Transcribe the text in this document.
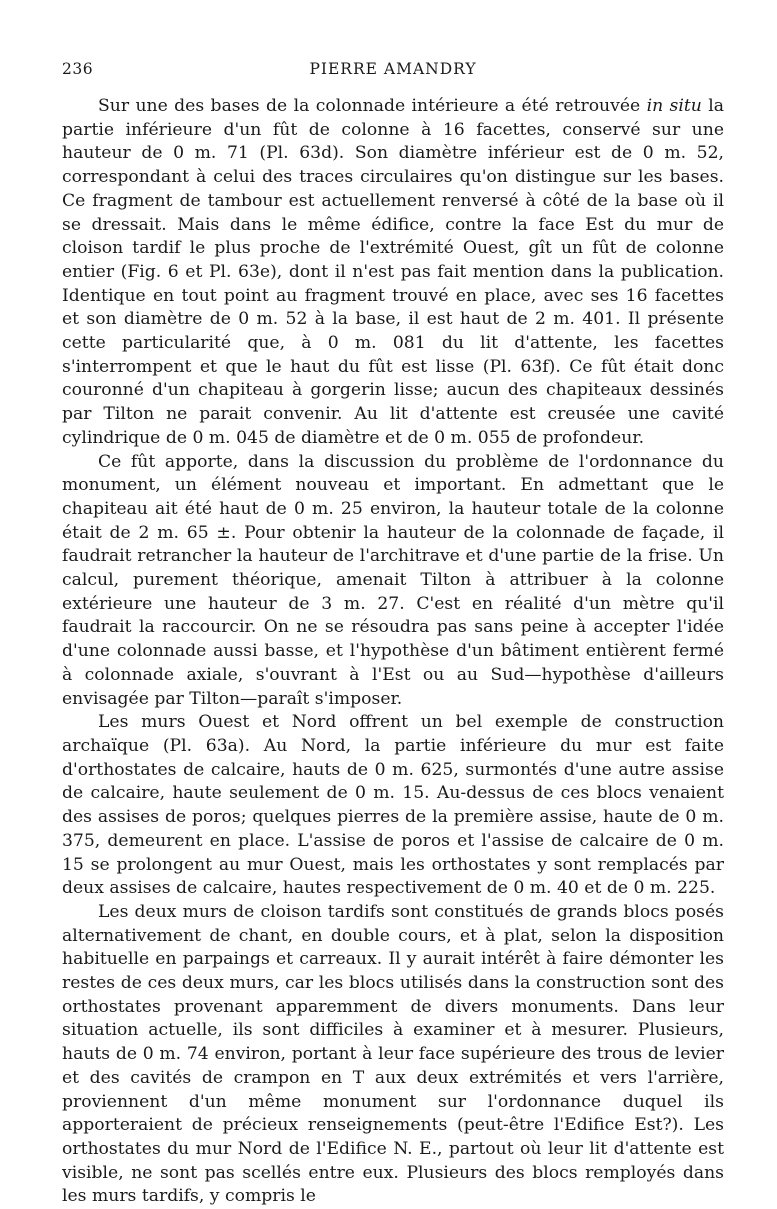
236	PIERRE AMANDRY

Sur une des bases de la colonnade intérieure a été retrouvée in situ la partie inférieure d'un fût de colonne à 16 facettes, conservé sur une hauteur de 0 m. 71 (Pl. 63d). Son diamètre inférieur est de 0 m. 52, correspondant à celui des traces circulaires qu'on distingue sur les bases. Ce fragment de tambour est actuellement renversé à côté de la base où il se dressait. Mais dans le même édifice, contre la face Est du mur de cloison tardif le plus proche de l'extrémité Ouest, gît un fût de colonne entier (Fig. 6 et Pl. 63e), dont il n'est pas fait mention dans la publication. Identique en tout point au fragment trouvé en place, avec ses 16 facettes et son diamètre de 0 m. 52 à la base, il est haut de 2 m. 401. Il présente cette particularité que, à 0 m. 081 du lit d'attente, les facettes s'interrompent et que le haut du fût est lisse (Pl. 63f). Ce fût était donc couronné d'un chapiteau à gorgerin lisse; aucun des chapiteaux dessinés par Tilton ne parait convenir. Au lit d'attente est creusée une cavité cylindrique de 0 m. 045 de diamètre et de 0 m. 055 de profondeur.

Ce fût apporte, dans la discussion du problème de l'ordonnance du monument, un élément nouveau et important. En admettant que le chapiteau ait été haut de 0 m. 25 environ, la hauteur totale de la colonne était de 2 m. 65 ±. Pour obtenir la hauteur de la colonnade de façade, il faudrait retrancher la hauteur de l'architrave et d'une partie de la frise. Un calcul, purement théorique, amenait Tilton à attribuer à la colonne extérieure une hauteur de 3 m. 27. C'est en réalité d'un mètre qu'il faudrait la raccourcir. On ne se résoudra pas sans peine à accepter l'idée d'une colonnade aussi basse, et l'hypothèse d'un bâtiment entièrent fermé à colonnade axiale, s'ouvrant à l'Est ou au Sud—hypothèse d'ailleurs envisagée par Tilton—paraît s'imposer.

Les murs Ouest et Nord offrent un bel exemple de construction archaïque (Pl. 63a). Au Nord, la partie inférieure du mur est faite d'orthostates de calcaire, hauts de 0 m. 625, surmontés d'une autre assise de calcaire, haute seulement de 0 m. 15. Au-dessus de ces blocs venaient des assises de poros; quelques pierres de la première assise, haute de 0 m. 375, demeurent en place. L'assise de poros et l'assise de calcaire de 0 m. 15 se prolongent au mur Ouest, mais les orthostates y sont remplacés par deux assises de calcaire, hautes respectivement de 0 m. 40 et de 0 m. 225.

Les deux murs de cloison tardifs sont constitués de grands blocs posés alternativement de chant, en double cours, et à plat, selon la disposition habituelle en parpaings et carreaux. Il y aurait intérêt à faire démonter les restes de ces deux murs, car les blocs utilisés dans la construction sont des orthostates provenant apparemment de divers monuments. Dans leur situation actuelle, ils sont difficiles à examiner et à mesurer. Plusieurs, hauts de 0 m. 74 environ, portant à leur face supérieure des trous de levier et des cavités de crampon en T aux deux extrémités et vers l'arrière, proviennent d'un même monument sur l'ordonnance duquel ils apporteraient de précieux renseignements (peut-être l'Edifice Est?). Les orthostates du mur Nord de l'Edifice N. E., partout où leur lit d'attente est visible, ne sont pas scellés entre eux. Plusieurs des blocs remployés dans les murs tardifs, y compris le
